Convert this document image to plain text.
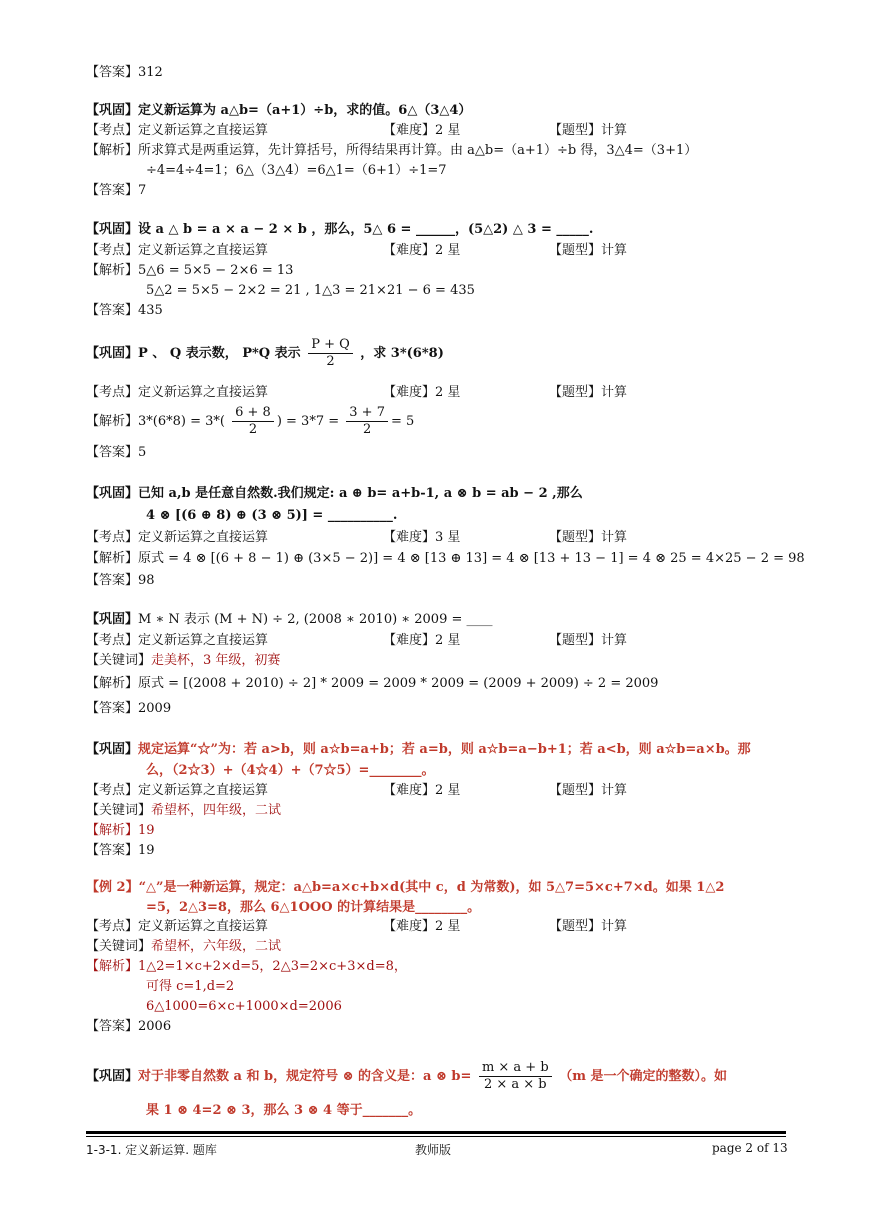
【答案】312
【巩固】定义新运算为 a△b=（a+1）÷b，求的值。6△（3△4）
【考点】定义新运算之直接运算	【难度】2 星	【题型】计算
【解析】所求算式是两重运算，先计算括号，所得结果再计算。由 a△b=（a+1）÷b 得，3△4=（3+1）
÷4=4÷4=1；6△（3△4）=6△1=（6+1）÷1=7
【答案】7
【巩固】设 a △ b = a × a − 2 × b ，那么，5△ 6 = ______，(5△2) △ 3 = _____.
【考点】定义新运算之直接运算	【难度】2 星	【题型】计算
【解析】5△6 = 5×5 − 2×6 = 13
5△2 = 5×5 − 2×2 = 21 , 1△3 = 21×21 − 6 = 435
【答案】435
【巩固】P 、 Q 表示数， P*Q 表示 $\frac{P + Q}{2}$ ，求 3*(6*8)
【考点】定义新运算之直接运算	【难度】2 星	【题型】计算
【解析】$3*(6*8) = 3*( \frac{6 + 8}{2}$ ) = $3*7 = \frac{3 + 7}{2} = 5$
【答案】5
【巩固】已知 a,b 是任意自然数.我们规定: a ⊕ b= a+b-1, a ⊗ b = ab − 2 ,那么
4 ⊗ [(6 ⊕ 8) ⊕ (3 ⊗ 5)] = __________.
【考点】定义新运算之直接运算	【难度】3 星	【题型】计算
【解析】原式 = 4 ⊗ [(6 + 8 − 1) ⊕ (3×5 − 2)] = 4 ⊗ [13 ⊕ 13] = 4 ⊗ [13 + 13 − 1] = 4 ⊗ 25 = 4×25 − 2 = 98
【答案】98
【巩固】M ∗ N 表示 (M + N) ÷ 2, (2008 ∗ 2010) ∗ 2009 = ____
【考点】定义新运算之直接运算	【难度】2 星	【题型】计算
【关键词】走美杯，3 年级，初赛
【解析】原式 = [(2008 + 2010) ÷ 2] * 2009 = 2009 * 2009 = (2009 + 2009) ÷ 2 = 2009
【答案】2009
【巩固】规定运算“☆”为：若 a>b，则 a☆b=a+b；若 a=b，则 a☆b=a−b+1；若 a<b，则 a☆b=a×b。那
么，（2☆3）+（4☆4）+（7☆5）=________。
【考点】定义新运算之直接运算	【难度】2 星	【题型】计算
【关键词】希望杯，四年级，二试
【解析】19
【答案】19
【例 2】“△”是一种新运算，规定：a△b=a×c+b×d(其中 c，d 为常数)，如 5△7=5×c+7×d。如果 1△2
=5，2△3=8，那么 6△1OOO 的计算结果是________。
【考点】定义新运算之直接运算	【难度】2 星	【题型】计算
【关键词】希望杯，六年级，二试
【解析】1△2=1×c+2×d=5，2△3=2×c+3×d=8，
可得 c=1,d=2
6△1000=6×c+1000×d=2006
【答案】2006
【巩固】对于非零自然数 a 和 b，规定符号 ⊗ 的含义是：a ⊗ $b= \frac{m \times a + b}{2 \times a \times b} (m$ 是一个确定的整数）。如
果 1 ⊗ 4=2 ⊗ 3，那么 3 ⊗ 4 等于_______。
1-3-1. 定义新运算. 题库	教师版	page 2 of 13
